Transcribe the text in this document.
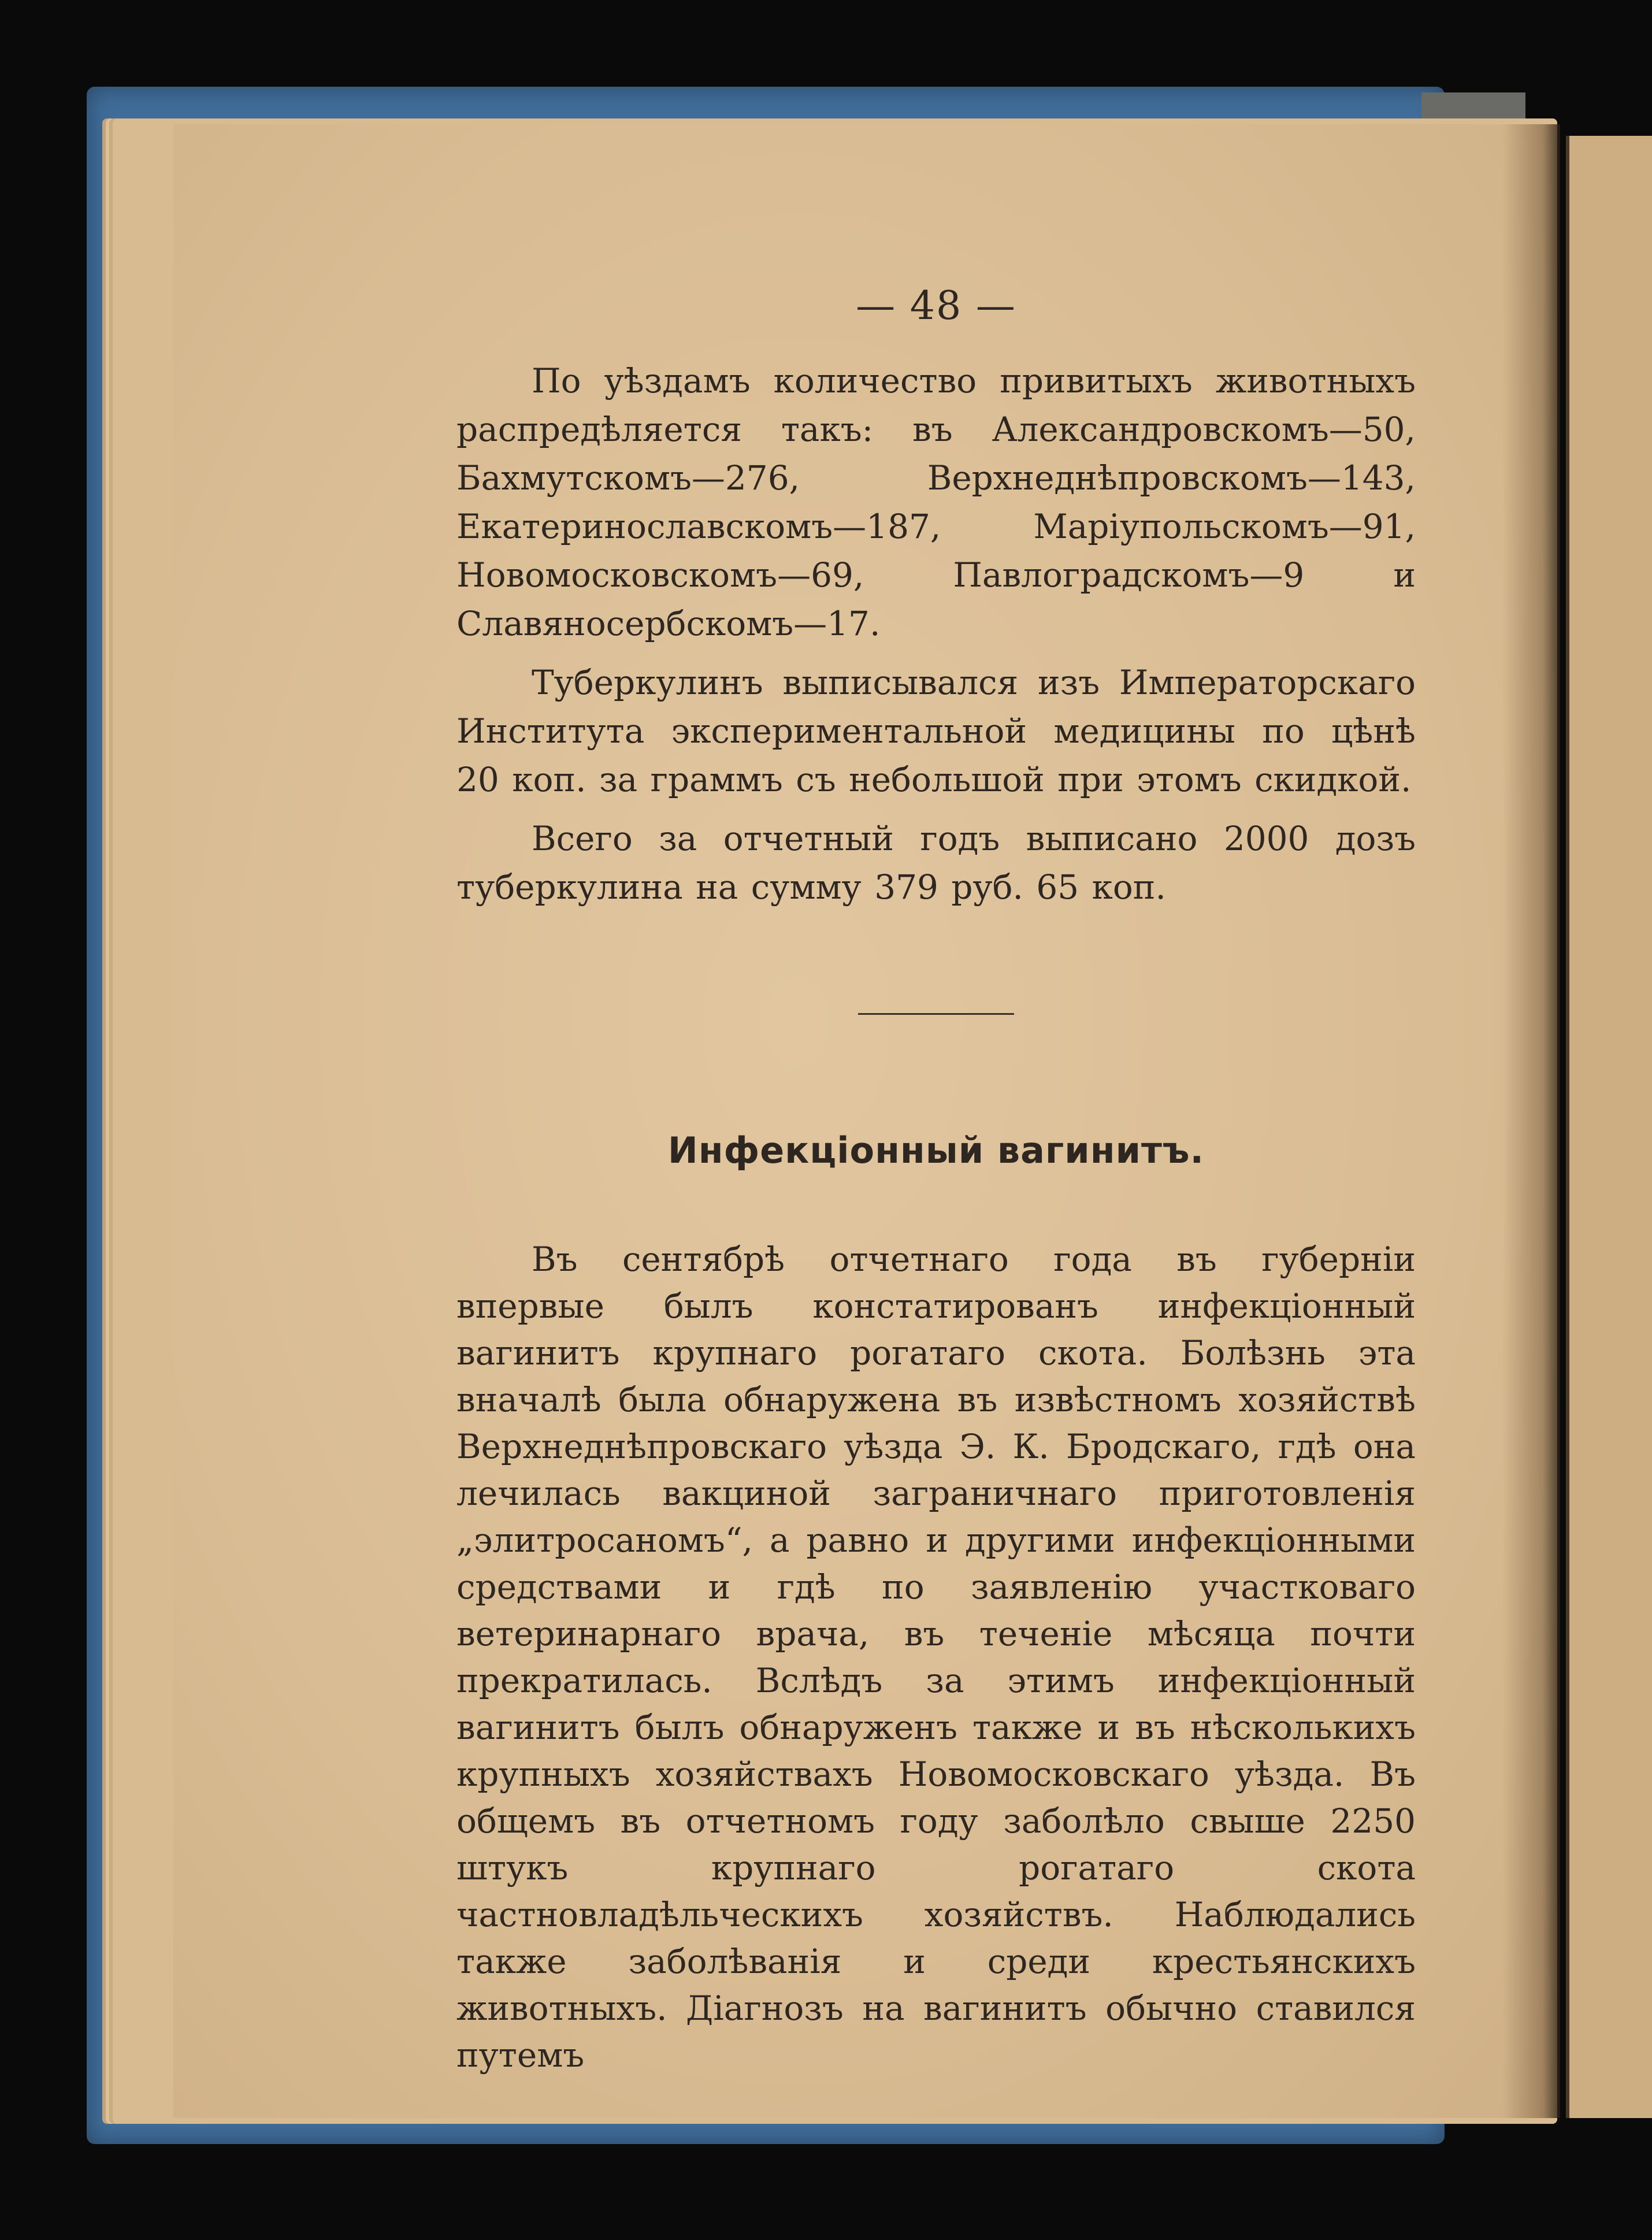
— 48 —

По уѣздамъ количество привитыхъ животныхъ распредѣляется такъ: въ Александровскомъ—50, Бахмутскомъ—276, Верхнеднѣпровскомъ—143, Екатеринославскомъ—187, Маріупольскомъ—91, Новомосковскомъ—69, Павлоградскомъ—9 и Славяносербскомъ—17.

Туберкулинъ выписывался изъ Императорскаго Института экспериментальной медицины по цѣнѣ 20 коп. за граммъ съ небольшой при этомъ скидкой.

Всего за отчетный годъ выписано 2000 дозъ туберкулина на сумму 379 руб. 65 коп.

Инфекціонный вагинитъ.

Въ сентябрѣ отчетнаго года въ губерніи впервые былъ констатированъ инфекціонный вагинитъ крупнаго рогатаго скота. Болѣзнь эта вначалѣ была обнаружена въ извѣстномъ хозяйствѣ Верхнеднѣпровскаго уѣзда Э. К. Бродскаго, гдѣ она лечилась вакциной заграничнаго приготовленія „элитросаномъ“, а равно и другими инфекціонными средствами и гдѣ по заявленію участковаго ветеринарнаго врача, въ теченіе мѣсяца почти прекратилась. Вслѣдъ за этимъ инфекціонный вагинитъ былъ обнаруженъ также и въ нѣсколькихъ крупныхъ хозяйствахъ Новомосковскаго уѣзда. Въ общемъ въ отчетномъ году заболѣло свыше 2250 штукъ крупнаго рогатаго скота частновладѣльческихъ хозяйствъ. Наблюдались также заболѣванія и среди крестьянскихъ животныхъ. Діагнозъ на вагинитъ обычно ставился путемъ
